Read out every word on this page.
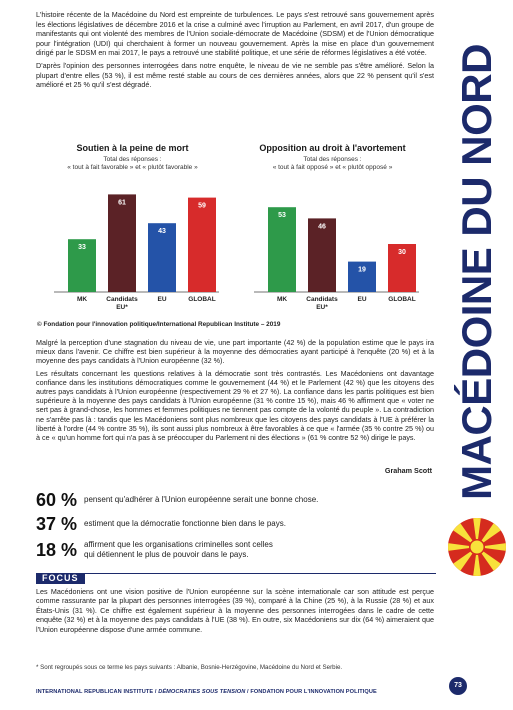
L'histoire récente de la Macédoine du Nord est empreinte de turbulences. Le pays s'est retrouvé sans gouvernement après les élections législatives de décembre 2016 et la crise a culminé avec l'irruption au Parlement, en avril 2017, d'un groupe de manifestants qui ont violenté des membres de l'Union sociale-démocrate de Macédoine (SDSM) et de l'Union démocratique pour l'intégration (UDI) qui cherchaient à former un nouveau gouvernement. Après la mise en place d'un gouvernement dirigé par le SDSM en mai 2017, le pays a retrouvé une stabilité politique, et une série de réformes législatives a été votée.

D'après l'opinion des personnes interrogées dans notre enquête, le niveau de vie ne semble pas s'être amélioré. Selon la plupart d'entre elles (53 %), il est même resté stable au cours de ces dernières années, alors que 22 % pensent qu'il s'est amélioré et 25 % qu'il s'est dégradé.

Soutien à la peine de mort
Total des réponses :
« tout à fait favorable » et « plutôt favorable »
33
MK
61
Candidats
EU*
43
EU
59
GLOBAL
Opposition au droit à l'avortement
Total des réponses :
« tout à fait opposé » et « plutôt opposé »
53
MK
46
Candidats
EU*
19
EU
30
GLOBAL
© Fondation pour l'innovation politique/International Republican Institute – 2019

Malgré la perception d'une stagnation du niveau de vie, une part importante (42 %) de la population estime que le pays ira mieux dans l'avenir. Ce chiffre est bien supérieur à la moyenne des démocraties ayant participé à l'enquête (20 %) et à la moyenne des pays candidats à l'Union européenne (32 %).

Les résultats concernant les questions relatives à la démocratie sont très contrastés. Les Macédoniens ont davantage confiance dans les institutions démocratiques comme le gouvernement (44 %) et le Parlement (42 %) que les citoyens des autres pays candidats à l'Union européenne (respectivement 29 % et 27 %). La confiance dans les partis politiques est bien supérieure à la moyenne des pays candidats à l'Union européenne (31 % contre 15 %), mais 46 % affirment que « voter ne sert pas à grand-chose, les hommes et femmes politiques ne tiennent pas compte de la volonté du peuple ». La contradiction ne s'arrête pas là : tandis que les Macédoniens sont plus nombreux que les citoyens des pays candidats à l'UE à préférer la liberté à l'ordre (44 % contre 35 %), ils sont aussi plus nombreux à être favorables à ce que « l'armée (35 % contre 25 %) ou à ce « qu'un homme fort qui n'a pas à se préoccuper du Parlement ni des élections » (61 % contre 52 %) dirige le pays.

Graham Scott
60 % pensent qu'adhérer à l'Union européenne serait une bonne chose.
37 % estiment que la démocratie fonctionne bien dans le pays.
18 % affirment que les organisations criminelles sont celles
qui détiennent le plus de pouvoir dans le pays.
FOCUS
Les Macédoniens ont une vision positive de l'Union européenne sur la scène internationale car son attitude est perçue comme rassurante par la plupart des personnes interrogées (39 %), comparé à la Chine (25 %), à la Russie (28 %) et aux États-Unis (31 %). Ce chiffre est également supérieur à la moyenne des personnes interrogées dans le cadre de cette enquête (32 %) et à la moyenne des pays candidats à l'UE (38 %). En outre, six Macédoniens sur dix (64 %) aimeraient que l'Union européenne dispose d'une armée commune.
* Sont regroupés sous ce terme les pays suivants : Albanie, Bosnie-Herzégovine, Macédoine du Nord et Serbie.
INTERNATIONAL REPUBLICAN INSTITUTE / DÉMOCRATIES SOUS TENSION / FONDATION POUR L'INNOVATION POLITIQUE
73
MACÉDOINE DU NORD
